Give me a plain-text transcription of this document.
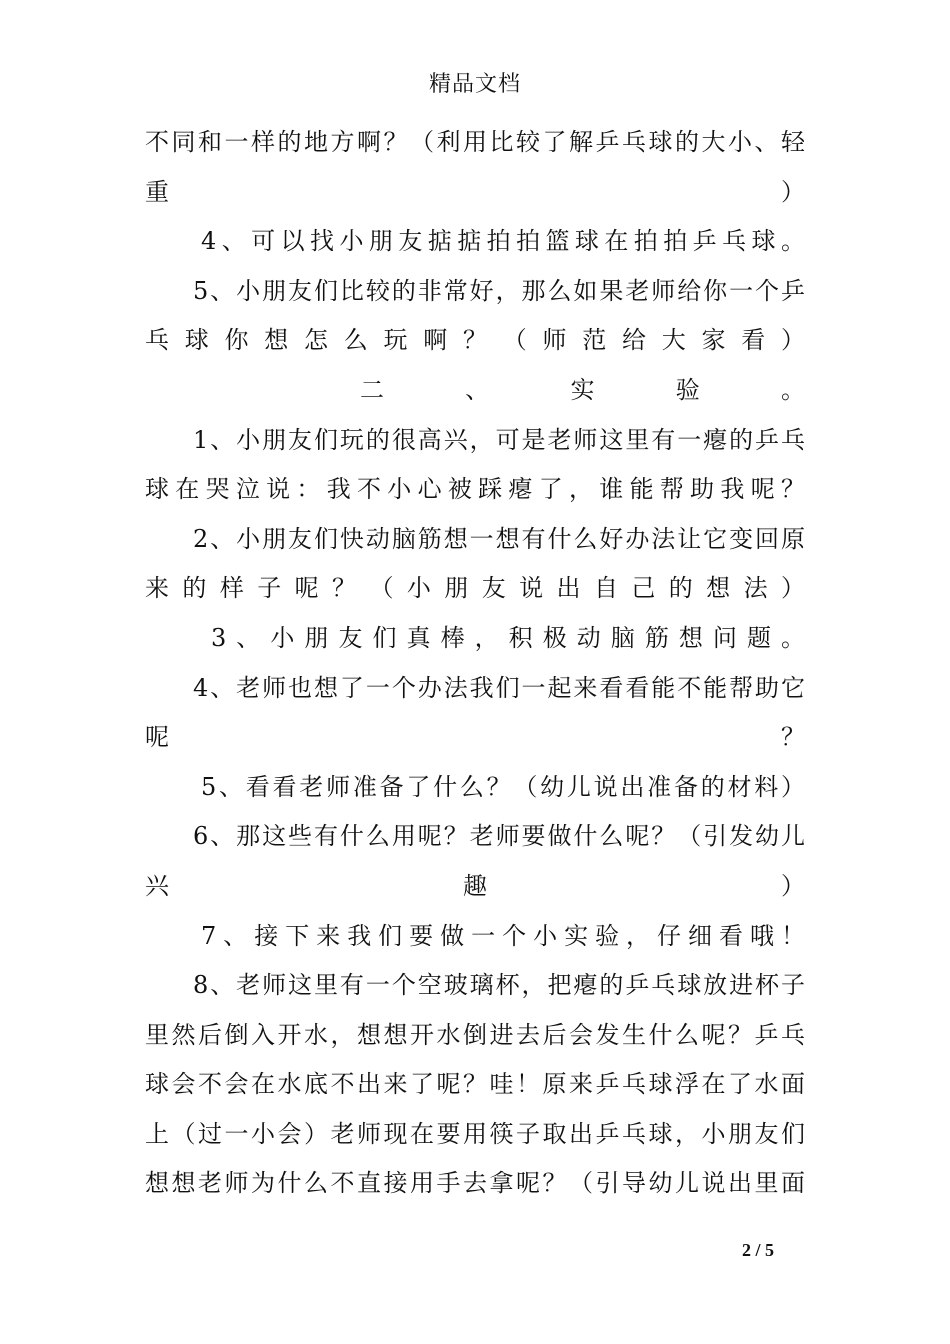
精品文档
不同和一样的地方啊？（利用比较了解乒乓球的大小、轻
重	）
4、可以找小朋友掂掂拍拍篮球在拍拍乒乓球。
5、小朋友们比较的非常好，那么如果老师给你一个乒
乓球你想怎么玩啊？（师范给大家看）
二	、	实	验	。
1、小朋友们玩的很高兴，可是老师这里有一瘪的乒乓
球在哭泣说：我不小心被踩瘪了，谁能帮助我呢？
2、小朋友们快动脑筋想一想有什么好办法让它变回原
来的样子呢？（小朋友说出自己的想法）
3、小朋友们真棒，积极动脑筋想问题。
4、老师也想了一个办法我们一起来看看能不能帮助它
呢	？
5、看看老师准备了什么？（幼儿说出准备的材料）
6、那这些有什么用呢？老师要做什么呢？（引发幼儿
兴	趣	）
7、接下来我们要做一个小实验，仔细看哦！
8、老师这里有一个空玻璃杯，把瘪的乒乓球放进杯子
里然后倒入开水，想想开水倒进去后会发生什么呢？乒乓
球会不会在水底不出来了呢？哇！原来乒乓球浮在了水面
上（过一小会）老师现在要用筷子取出乒乓球，小朋友们
想想老师为什么不直接用手去拿呢？（引导幼儿说出里面
2 / 5
